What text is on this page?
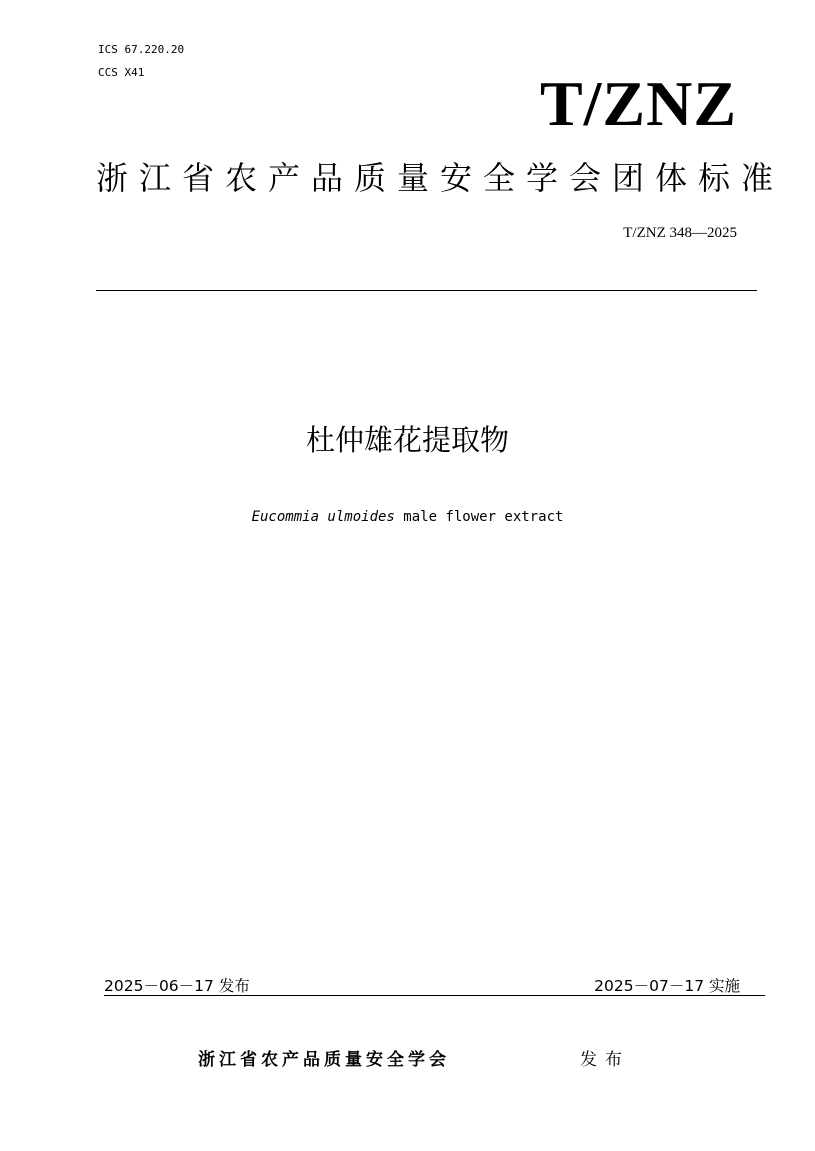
ICS 67.220.20
CCS X41	T/ZNZ
浙江省农产品质量安全学会团体标准
T/ZNZ 348—2025
杜仲雄花提取物
Eucommia ulmoides male flower extract
2025－06－17 发布	2025－07－17 实施
浙江省农产品质量安全学会	发布
